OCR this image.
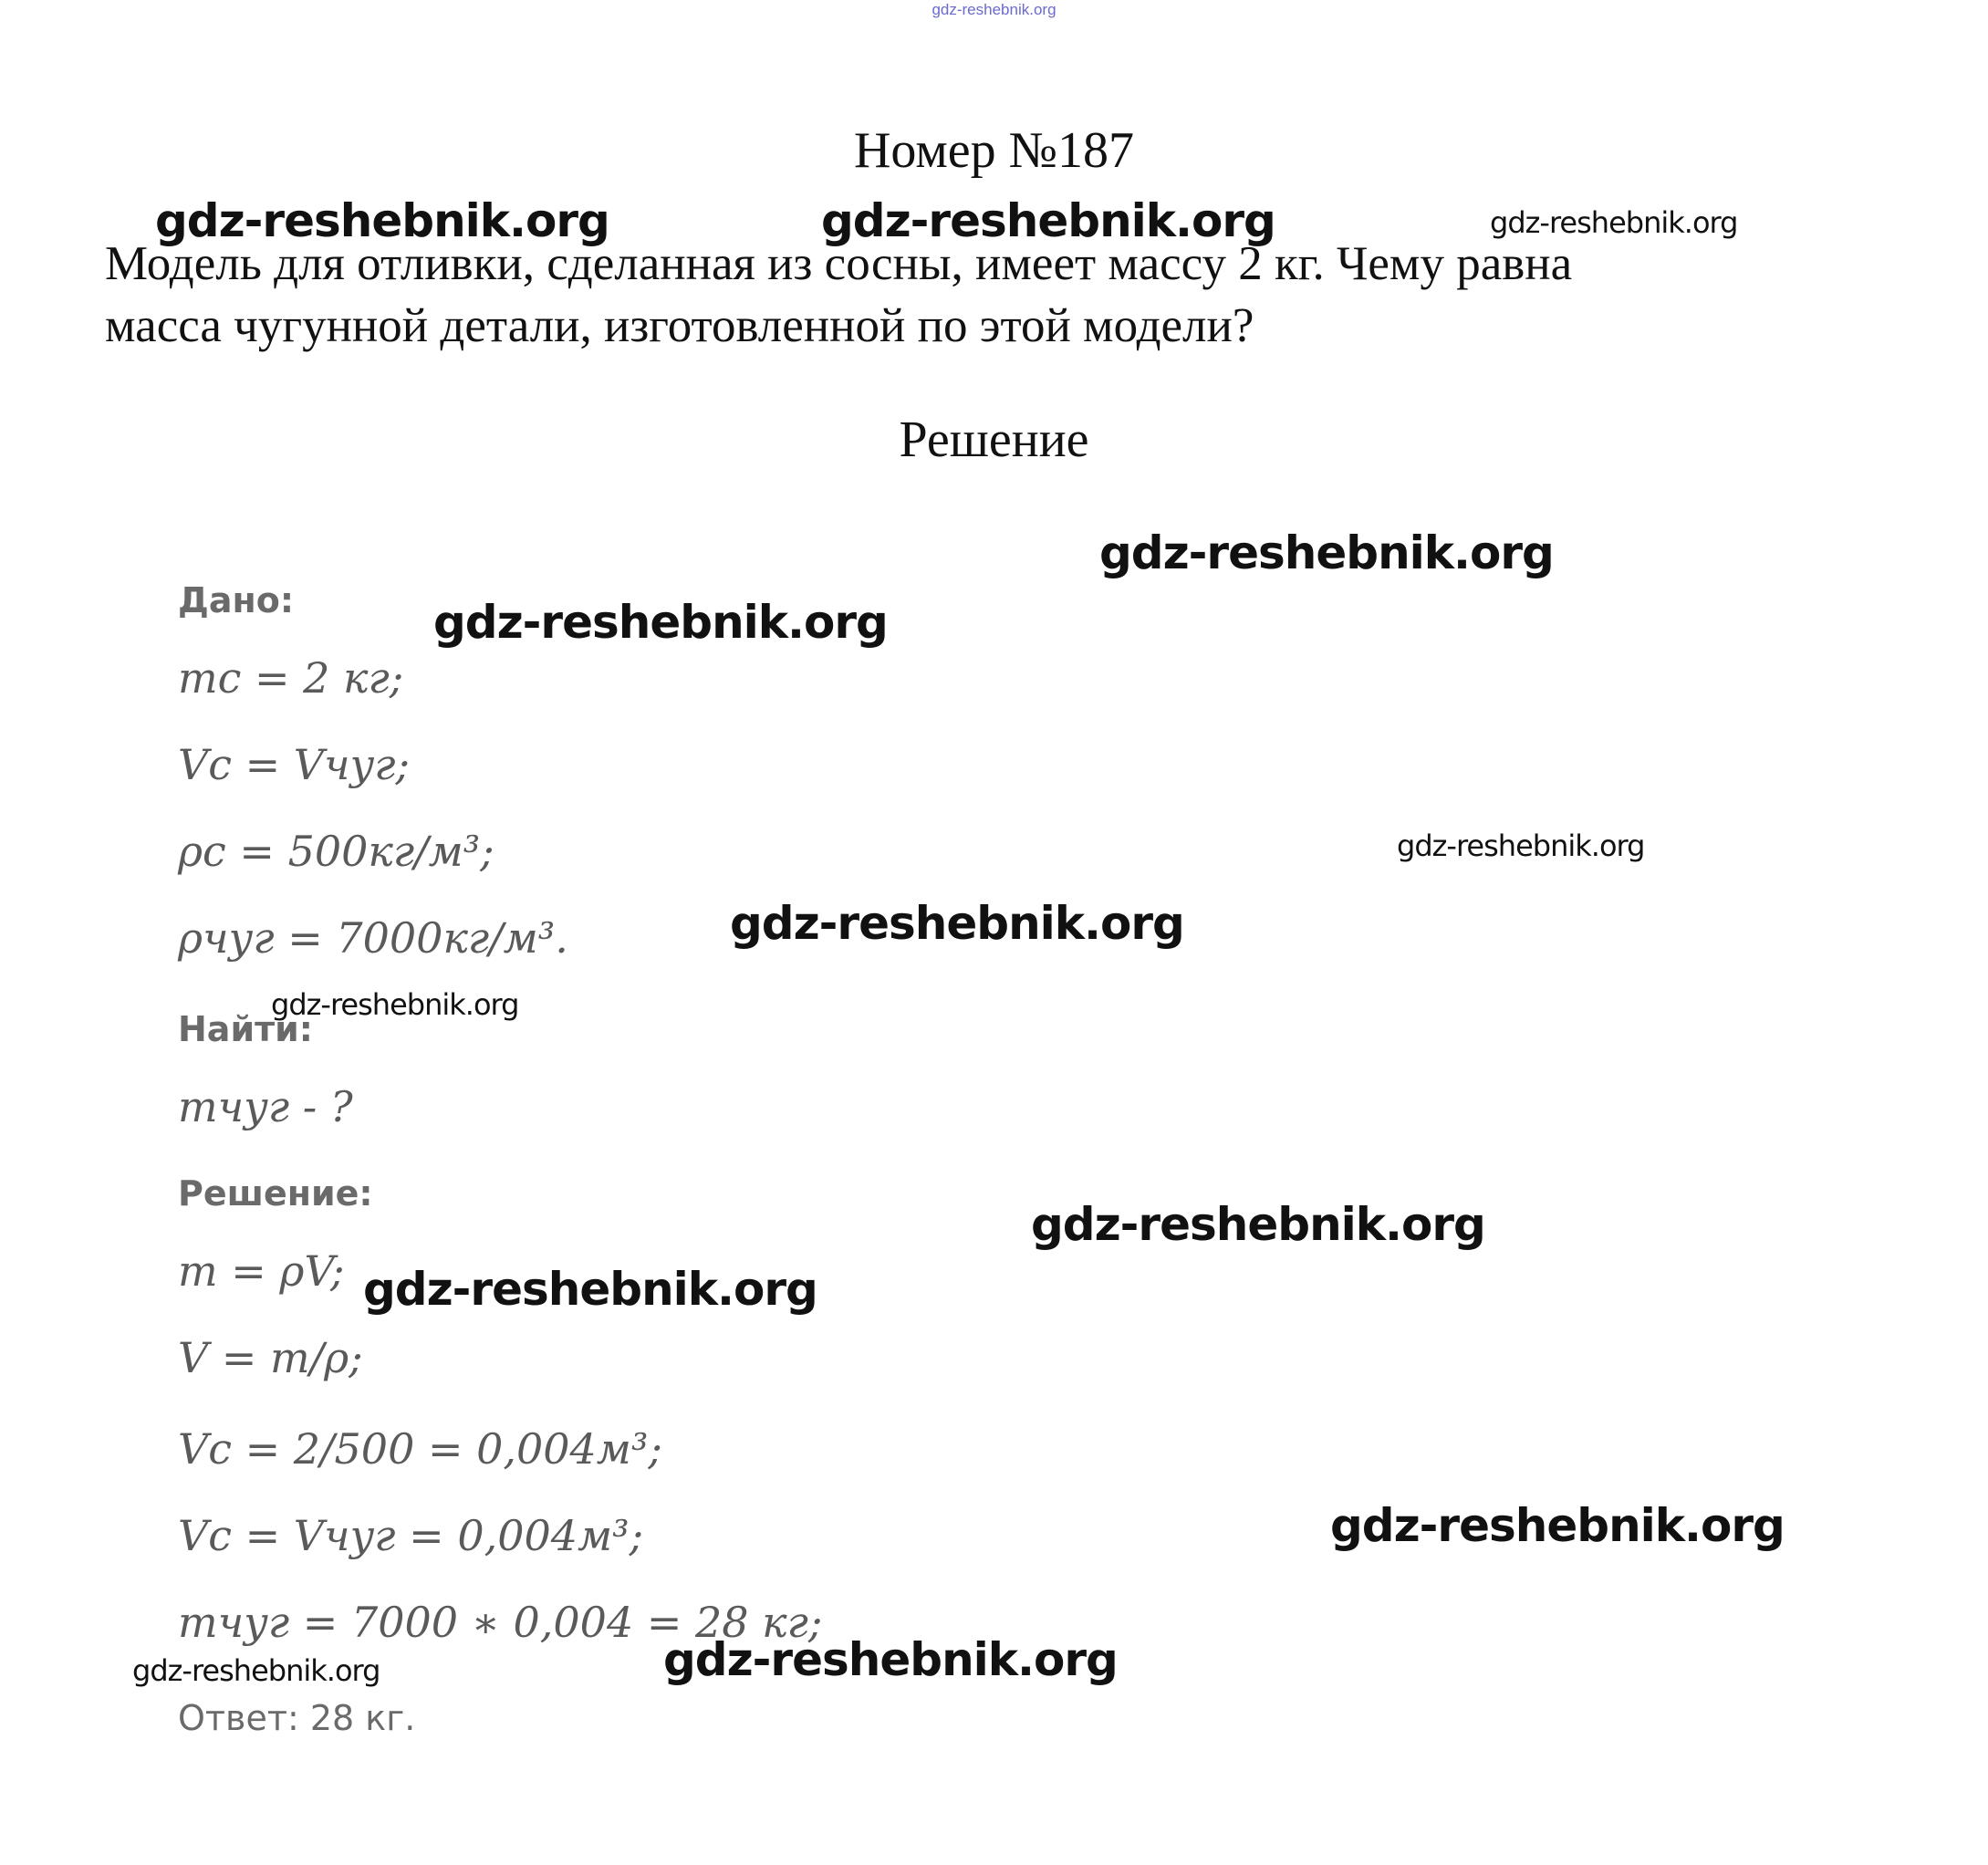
gdz-reshebnik.org
Номер №187
Модель для отливки, сделанная из сосны, имеет массу 2 кг. Чему равна
масса чугунной детали, изготовленной по этой модели?
Решение
Дано:
mс = 2 кг;
Vc = Vчуг;
ρc = 500кг/м³;
ρчуг = 7000кг/м³.
Найти:
mчуг - ?
Решение:
m = ρV;
V = m/ρ;
Vc = 2/500 = 0,004м³;
Vc = Vчуг = 0,004м³;
mчуг = 7000 ∗ 0,004 = 28 кг;
Ответ: 28 кг.
gdz-reshebnik.org	gdz-reshebnik.org	gdz-reshebnik.org
gdz-reshebnik.org
gdz-reshebnik.org
gdz-reshebnik.org
gdz-reshebnik.org
gdz-reshebnik.org
gdz-reshebnik.org
gdz-reshebnik.org
gdz-reshebnik.org
gdz-reshebnik.org	gdz-reshebnik.org
